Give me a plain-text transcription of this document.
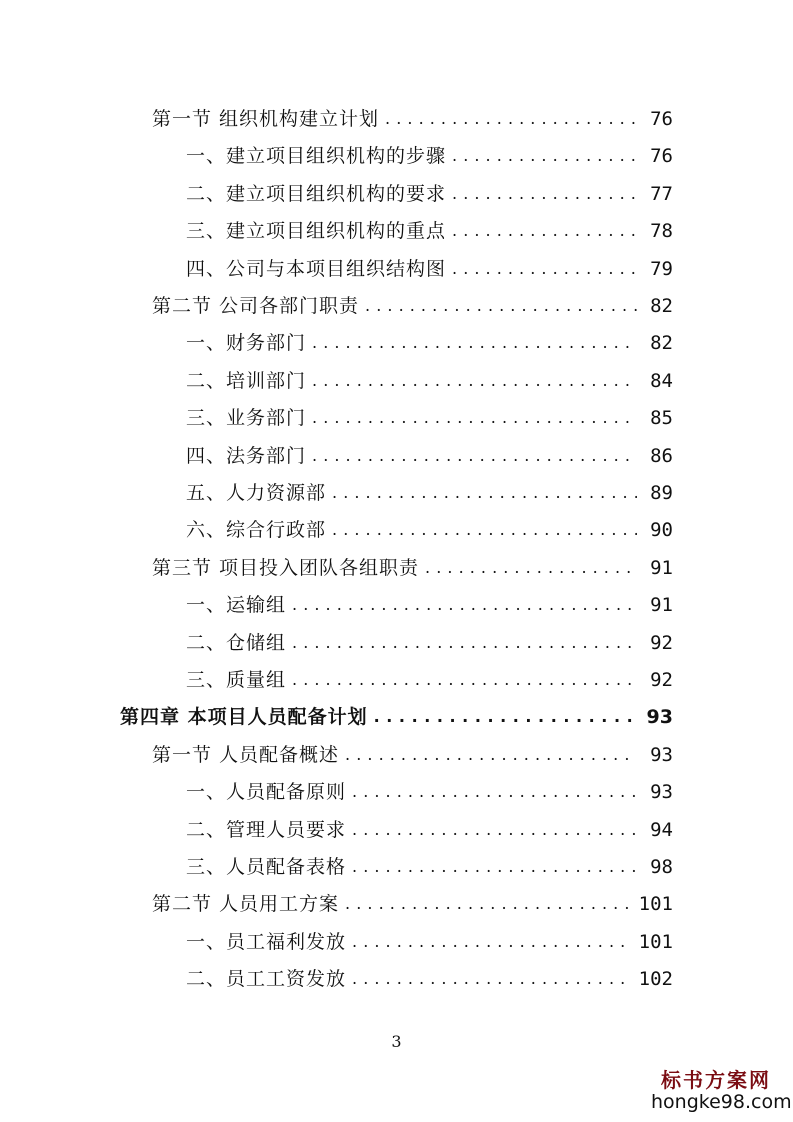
第一节 组织机构建立计划 . . .	76
一、建立项目组织机构的步骤 . . .	76
二、建立项目组织机构的要求 . . .	77
三、建立项目组织机构的重点 . . .	78
四、公司与本项目组织结构图 . . .	79
第二节 公司各部门职责 . . .	82
一、财务部门 . . .	82
二、培训部门 . . .	84
三、业务部门 . . .	85
四、法务部门 . . .	86
五、人力资源部 . . .	89
六、综合行政部 . . .	90
第三节 项目投入团队各组职责 . . .	91
一、运输组 . . .	91
二、仓储组 . . .	92
三、质量组 . . .	92
第四章 本项目人员配备计划 . . .	93
第一节 人员配备概述 . . .	93
一、人员配备原则 . . .	93
二、管理人员要求 . . .	94
三、人员配备表格 . . .	98
第二节 人员用工方案 . . .	101
一、员工福利发放 . . .	101
二、员工工资发放 . . .	102
3
标书方案网
hongke98.com
